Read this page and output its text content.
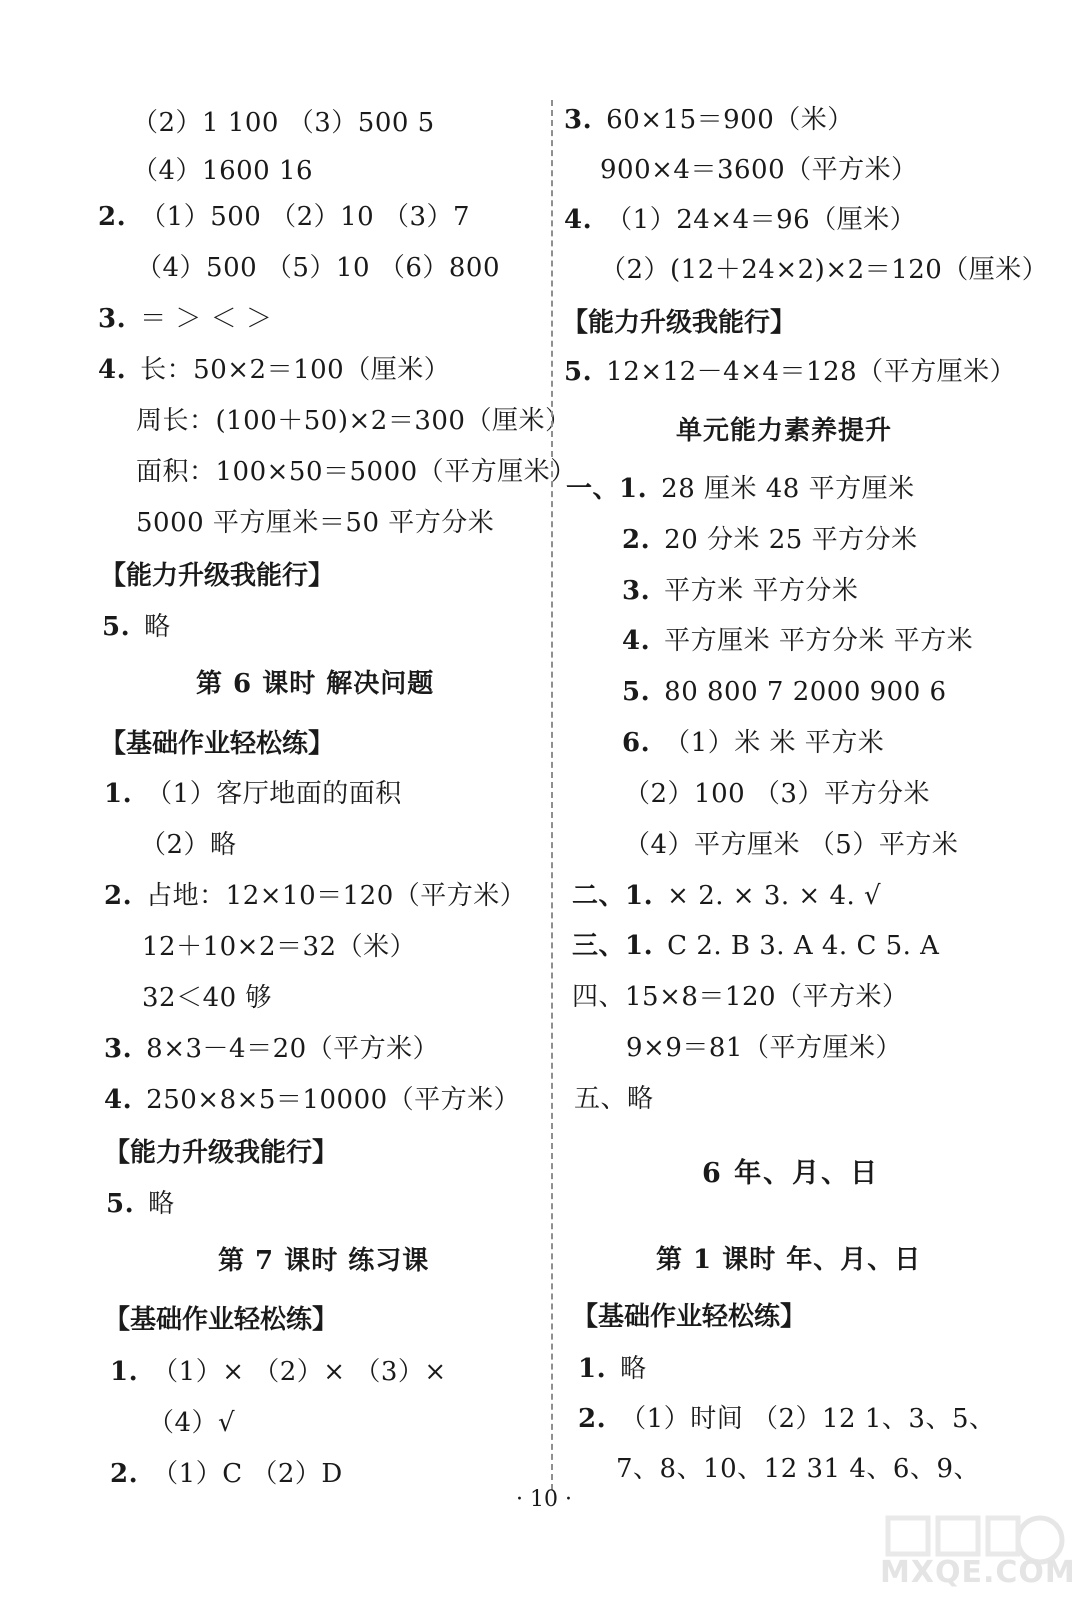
（2）1 100 （3）500 5
（4）1600 16
2. （1）500 （2）10 （3）7
（4）500 （5）10 （6）800
3. ＝ ＞ ＜ ＞
4. 长：50×2＝100（厘米）
周长：(100＋50)×2＝300（厘米）
面积：100×50＝5000（平方厘米）
5000 平方厘米＝50 平方分米
5. 略
1. （1）客厅地面的面积
（2）略
2. 占地：12×10＝120（平方米）
12＋10×2＝32（米）
32＜40 够
3. 8×3－4＝20（平方米）
4. 250×8×5＝10000（平方米）
5. 略
1. （1）× （2）× （3）×
（4）√
2. （1）C （2）D
【能力升级我能行】
【基础作业轻松练】
【能力升级我能行】
【基础作业轻松练】
第 6 课时 解决问题
第 7 课时 练习课
3. 60×15＝900（米）
900×4＝3600（平方米）
4. （1）24×4＝96（厘米）
（2）(12＋24×2)×2＝120（厘米）
5. 12×12－4×4＝128（平方厘米）
一、1. 28 厘米 48 平方厘米
2. 20 分米 25 平方分米
3. 平方米 平方分米
4. 平方厘米 平方分米 平方米
5. 80 800 7 2000 900 6
6. （1）米 米 平方米
（2）100 （3）平方分米
（4）平方厘米 （5）平方米
二、1. × 2. × 3. × 4. √
三、1. C 2. B 3. A 4. C 5. A
四、15×8＝120（平方米）
9×9＝81（平方厘米）
五、略
1. 略
2. （1）时间 （2）12 1、3、5、
7、8、10、12 31 4、6、9、
【能力升级我能行】
【基础作业轻松练】
单元能力素养提升
第 1 课时 年、月、日
6 年、月、日
· 10 ·
MXQE.COM
